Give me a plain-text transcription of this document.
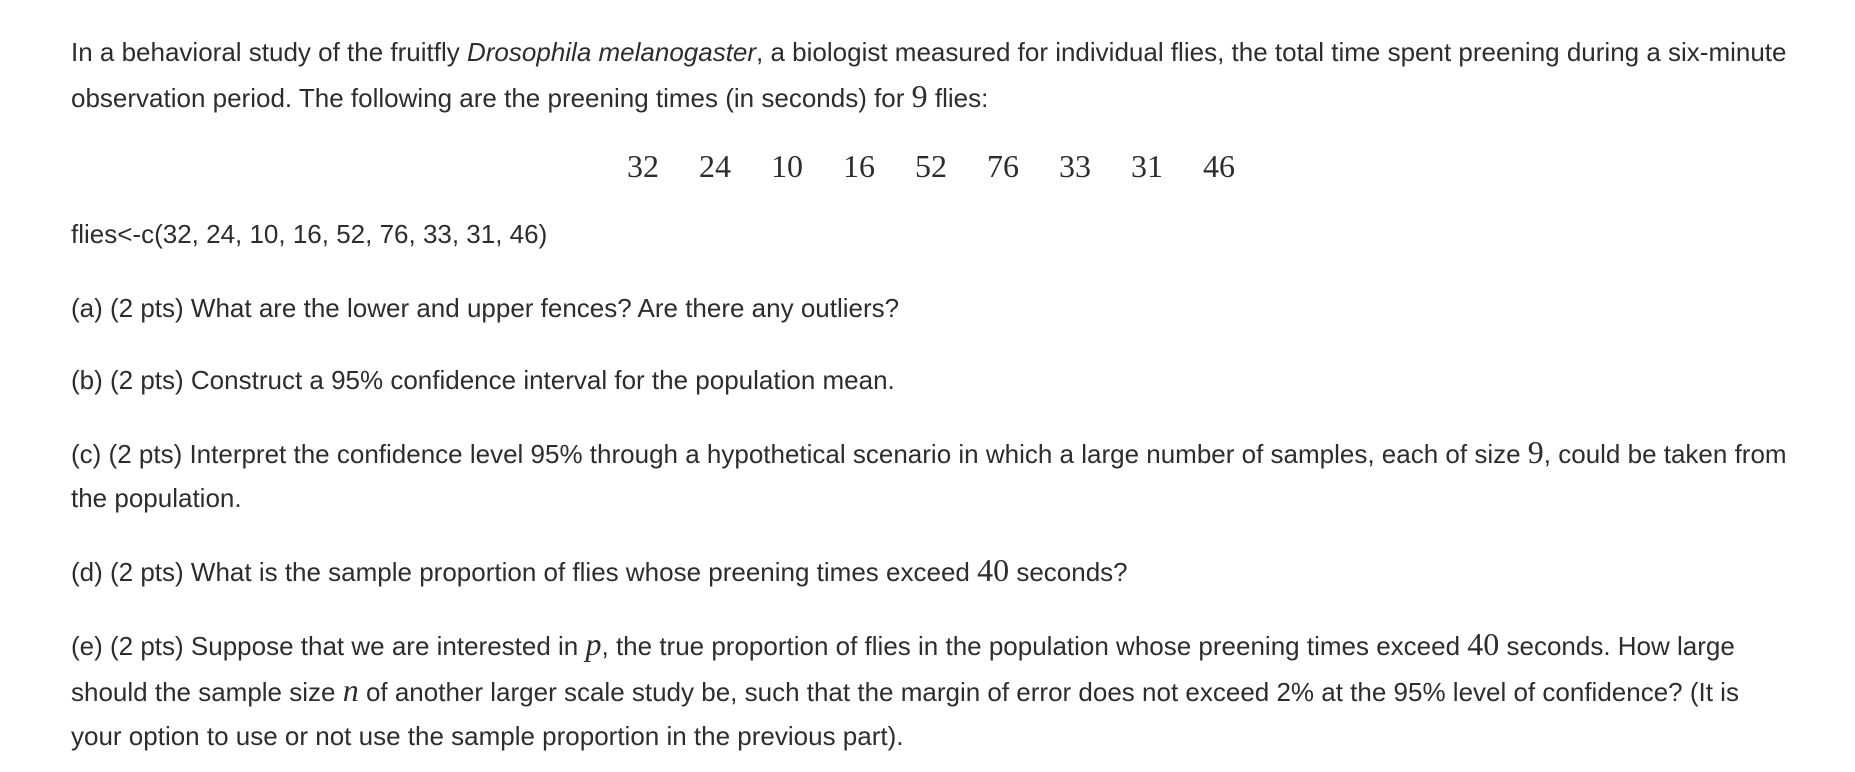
In a behavioral study of the fruitfly Drosophila melanogaster, a biologist measured for individual flies, the total time spent preening during a six-minute observation period. The following are the preening times (in seconds) for 9 flies:

32	24	10	16	52	76	33	31	46

flies<-c(32, 24, 10, 16, 52, 76, 33, 31, 46)

(a) (2 pts) What are the lower and upper fences? Are there any outliers?

(b) (2 pts) Construct a 95% confidence interval for the population mean.

(c) (2 pts) Interpret the confidence level 95% through a hypothetical scenario in which a large number of samples, each of size 9, could be taken from the population.

(d) (2 pts) What is the sample proportion of flies whose preening times exceed 40 seconds?

(e) (2 pts) Suppose that we are interested in p, the true proportion of flies in the population whose preening times exceed 40 seconds. How large should the sample size n of another larger scale study be, such that the margin of error does not exceed 2% at the 95% level of confidence? (It is your option to use or not use the sample proportion in the previous part).
